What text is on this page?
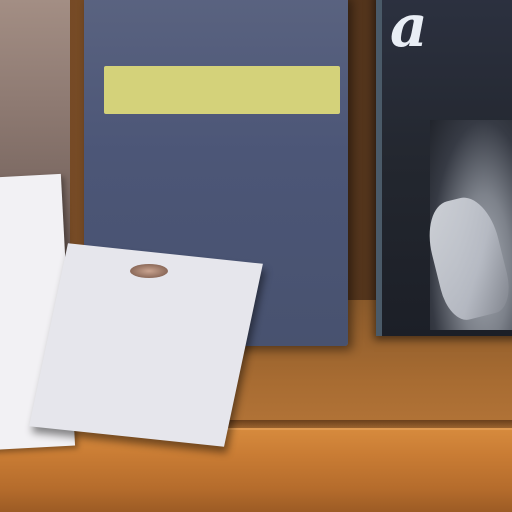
a
